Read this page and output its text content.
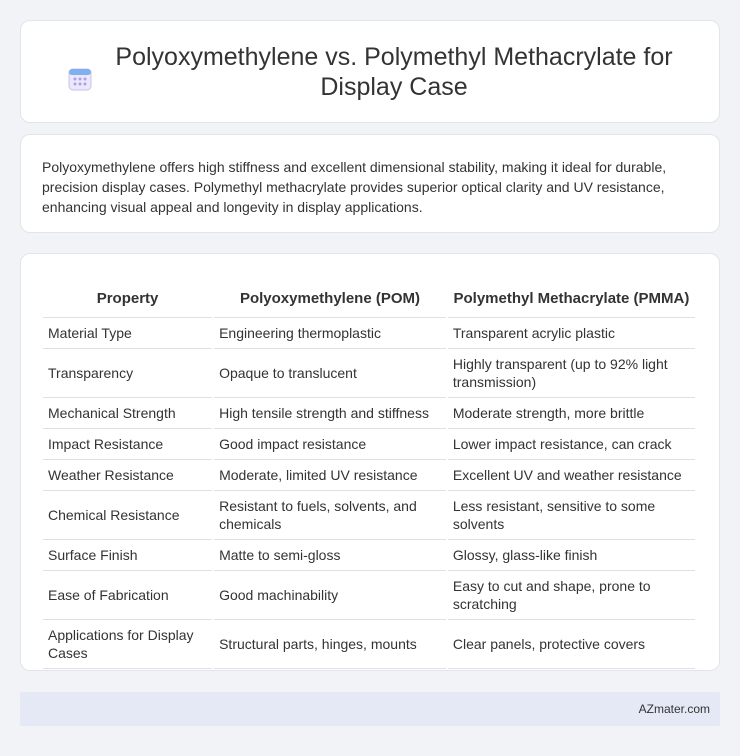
Polyoxymethylene vs. Polymethyl Methacrylate for
Display Case

Polyoxymethylene offers high stiffness and excellent dimensional stability, making it ideal for durable, precision display cases. Polymethyl methacrylate provides superior optical clarity and UV resistance, enhancing visual appeal and longevity in display applications.

Property	Polyoxymethylene (POM)	Polymethyl Methacrylate (PMMA)
Material Type	Engineering thermoplastic	Transparent acrylic plastic
Transparency	Opaque to translucent	Highly transparent (up to 92% light transmission)
Mechanical Strength	High tensile strength and stiffness	Moderate strength, more brittle
Impact Resistance	Good impact resistance	Lower impact resistance, can crack
Weather Resistance	Moderate, limited UV resistance	Excellent UV and weather resistance
Chemical Resistance	Resistant to fuels, solvents, and chemicals	Less resistant, sensitive to some solvents
Surface Finish	Matte to semi-gloss	Glossy, glass-like finish
Ease of Fabrication	Good machinability	Easy to cut and shape, prone to scratching
Applications for Display Cases	Structural parts, hinges, mounts	Clear panels, protective covers
AZmater.com
